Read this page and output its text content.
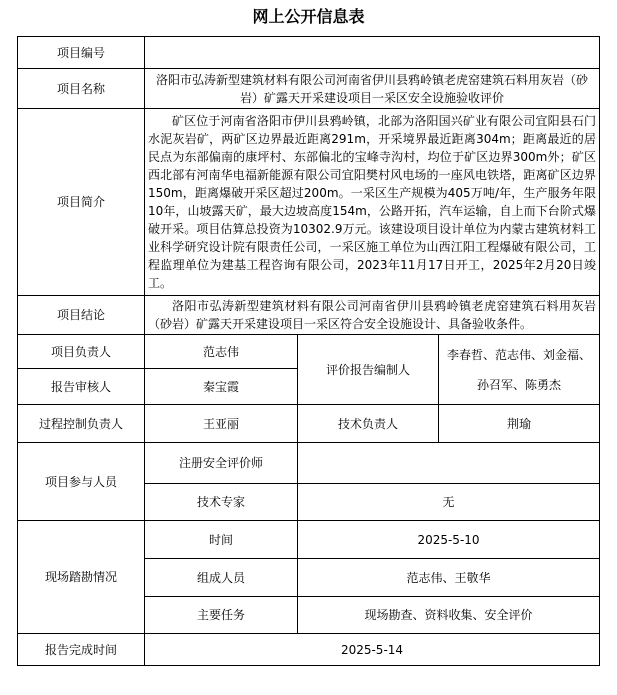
网上公开信息表
项目编号			
项目名称	洛阳市弘涛新型建筑材料有限公司河南省伊川县鸦岭镇老虎窑建筑石料用灰岩（砂岩）矿露天开采建设项目一采区安全设施验收评价		
项目简介	矿区位于河南省洛阳市伊川县鸦岭镇，北部为洛阳国兴矿业有限公司宜阳县石门水泥灰岩矿，两矿区边界最近距离291m，开采境界最近距离304m；距离最近的居民点为东部偏南的康坪村、东部偏北的宝峰寺沟村，均位于矿区边界300m外；矿区西北部有河南华电福新能源有限公司宜阳樊村风电场的一座风电铁塔，距离矿区边界150m，距离爆破开采区超过200m。一采区生产规模为405万吨/年，生产服务年限10年，山坡露天矿，最大边坡高度154m，公路开拓，汽车运输，自上而下台阶式爆破开采。项目估算总投资为10302.9万元。该建设项目设计单位为内蒙古建筑材料工业科学研究设计院有限责任公司，一采区施工单位为山西江阳工程爆破有限公司，工程监理单位为建基工程咨询有限公司，2023年11月17日开工，2025年2月20日竣工。		

项目结论	洛阳市弘涛新型建筑材料有限公司河南省伊川县鸦岭镇老虎窑建筑石料用灰岩（砂岩）矿露天开采建设项目一采区符合安全设施设计、具备验收条件。		

项目负责人	范志伟	评价报告编制人	李春哲、范志伟、刘金福、孙召军、陈勇杰
报告审核人	秦宝霞		
过程控制负责人	王亚丽	技术负责人	荆瑜
项目参与人员	注册安全评价师		
	技术专家	无	
现场踏勘情况	时间	2025-5-10	
	组成人员	范志伟、王敬华	
	主要任务	现场勘查、资料收集、安全评价	
报告完成时间	2025-5-14		
